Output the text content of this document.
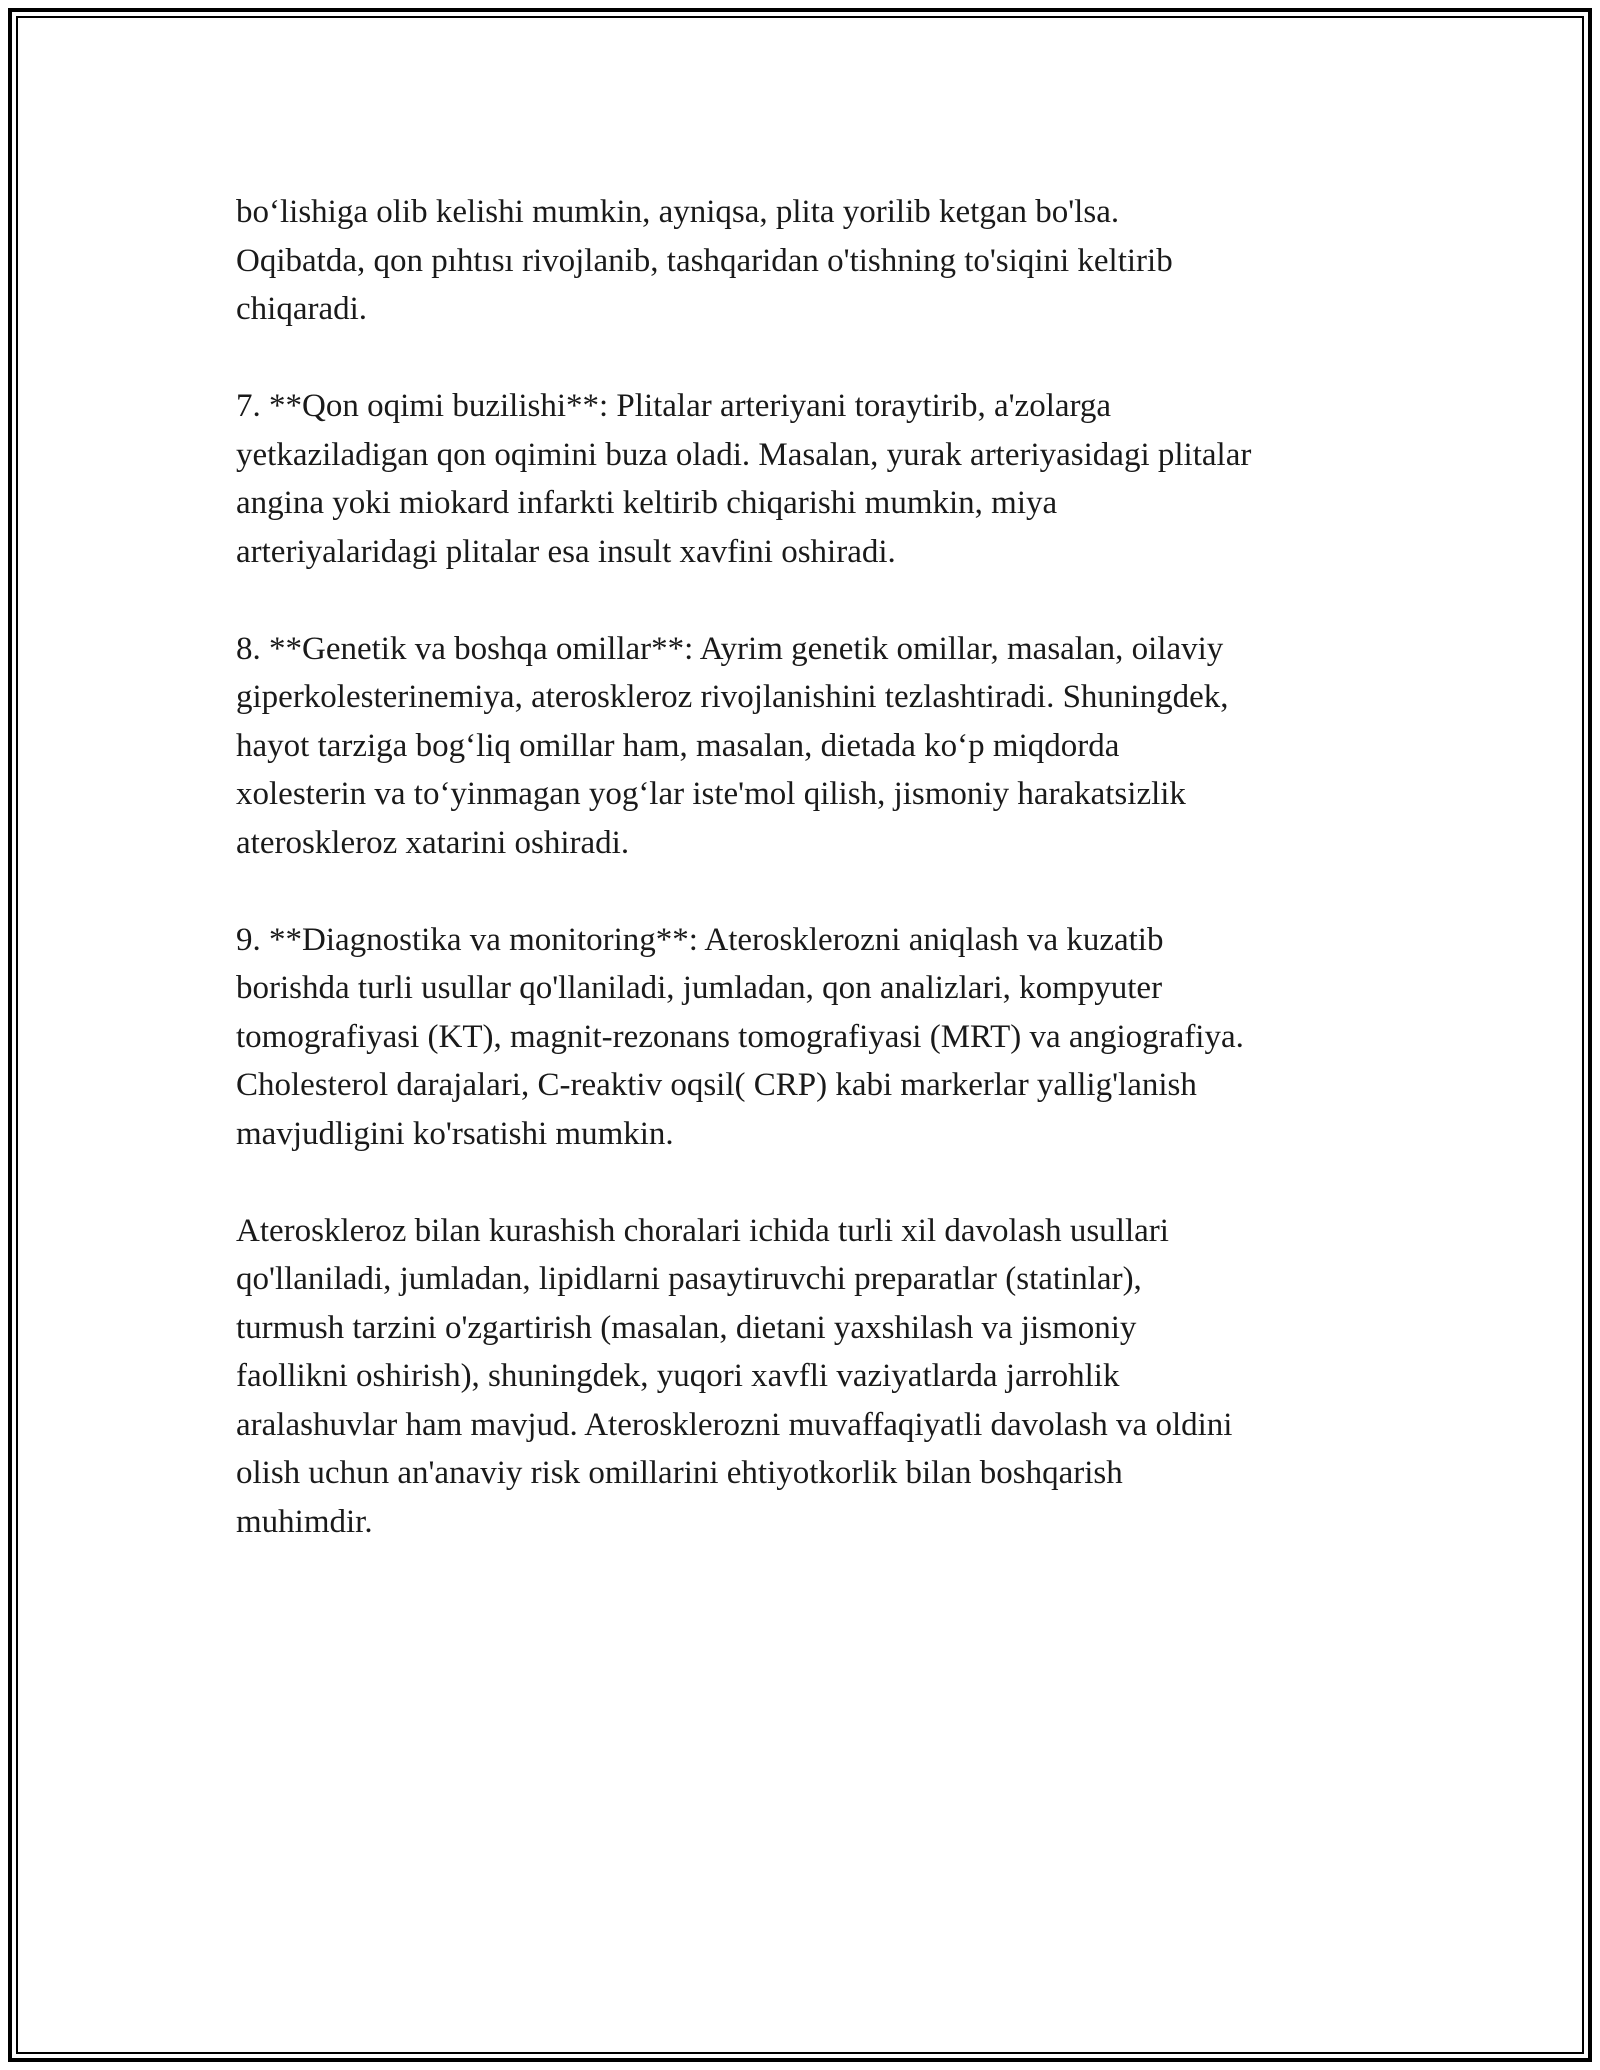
bo‘lishiga olib kelishi mumkin, ayniqsa, plita yorilib ketgan bo'lsa.
Oqibatda, qon pıhtısı rivojlanib, tashqaridan o'tishning to'siqini keltirib
chiqaradi.

7. **Qon oqimi buzilishi**: Plitalar arteriyani toraytirib, a'zolarga
yetkaziladigan qon oqimini buza oladi. Masalan, yurak arteriyasidagi plitalar
angina yoki miokard infarkti keltirib chiqarishi mumkin, miya
arteriyalaridagi plitalar esa insult xavfini oshiradi.

8. **Genetik va boshqa omillar**: Ayrim genetik omillar, masalan, oilaviy
giperkolesterinemiya, ateroskleroz rivojlanishini tezlashtiradi. Shuningdek,
hayot tarziga bog‘liq omillar ham, masalan, dietada ko‘p miqdorda
xolesterin va to‘yinmagan yog‘lar iste'mol qilish, jismoniy harakatsizlik
ateroskleroz xatarini oshiradi.

9. **Diagnostika va monitoring**: Aterosklerozni aniqlash va kuzatib
borishda turli usullar qo'llaniladi, jumladan, qon analizlari, kompyuter
tomografiyasi (KT), magnit-rezonans tomografiyasi (MRT) va angiografiya.
Cholesterol darajalari, C-reaktiv oqsil( CRP) kabi markerlar yallig'lanish
mavjudligini ko'rsatishi mumkin.

Ateroskleroz bilan kurashish choralari ichida turli xil davolash usullari
qo'llaniladi, jumladan, lipidlarni pasaytiruvchi preparatlar (statinlar),
turmush tarzini o'zgartirish (masalan, dietani yaxshilash va jismoniy
faollikni oshirish), shuningdek, yuqori xavfli vaziyatlarda jarrohlik
aralashuvlar ham mavjud. Aterosklerozni muvaffaqiyatli davolash va oldini
olish uchun an'anaviy risk omillarini ehtiyotkorlik bilan boshqarish
muhimdir.
